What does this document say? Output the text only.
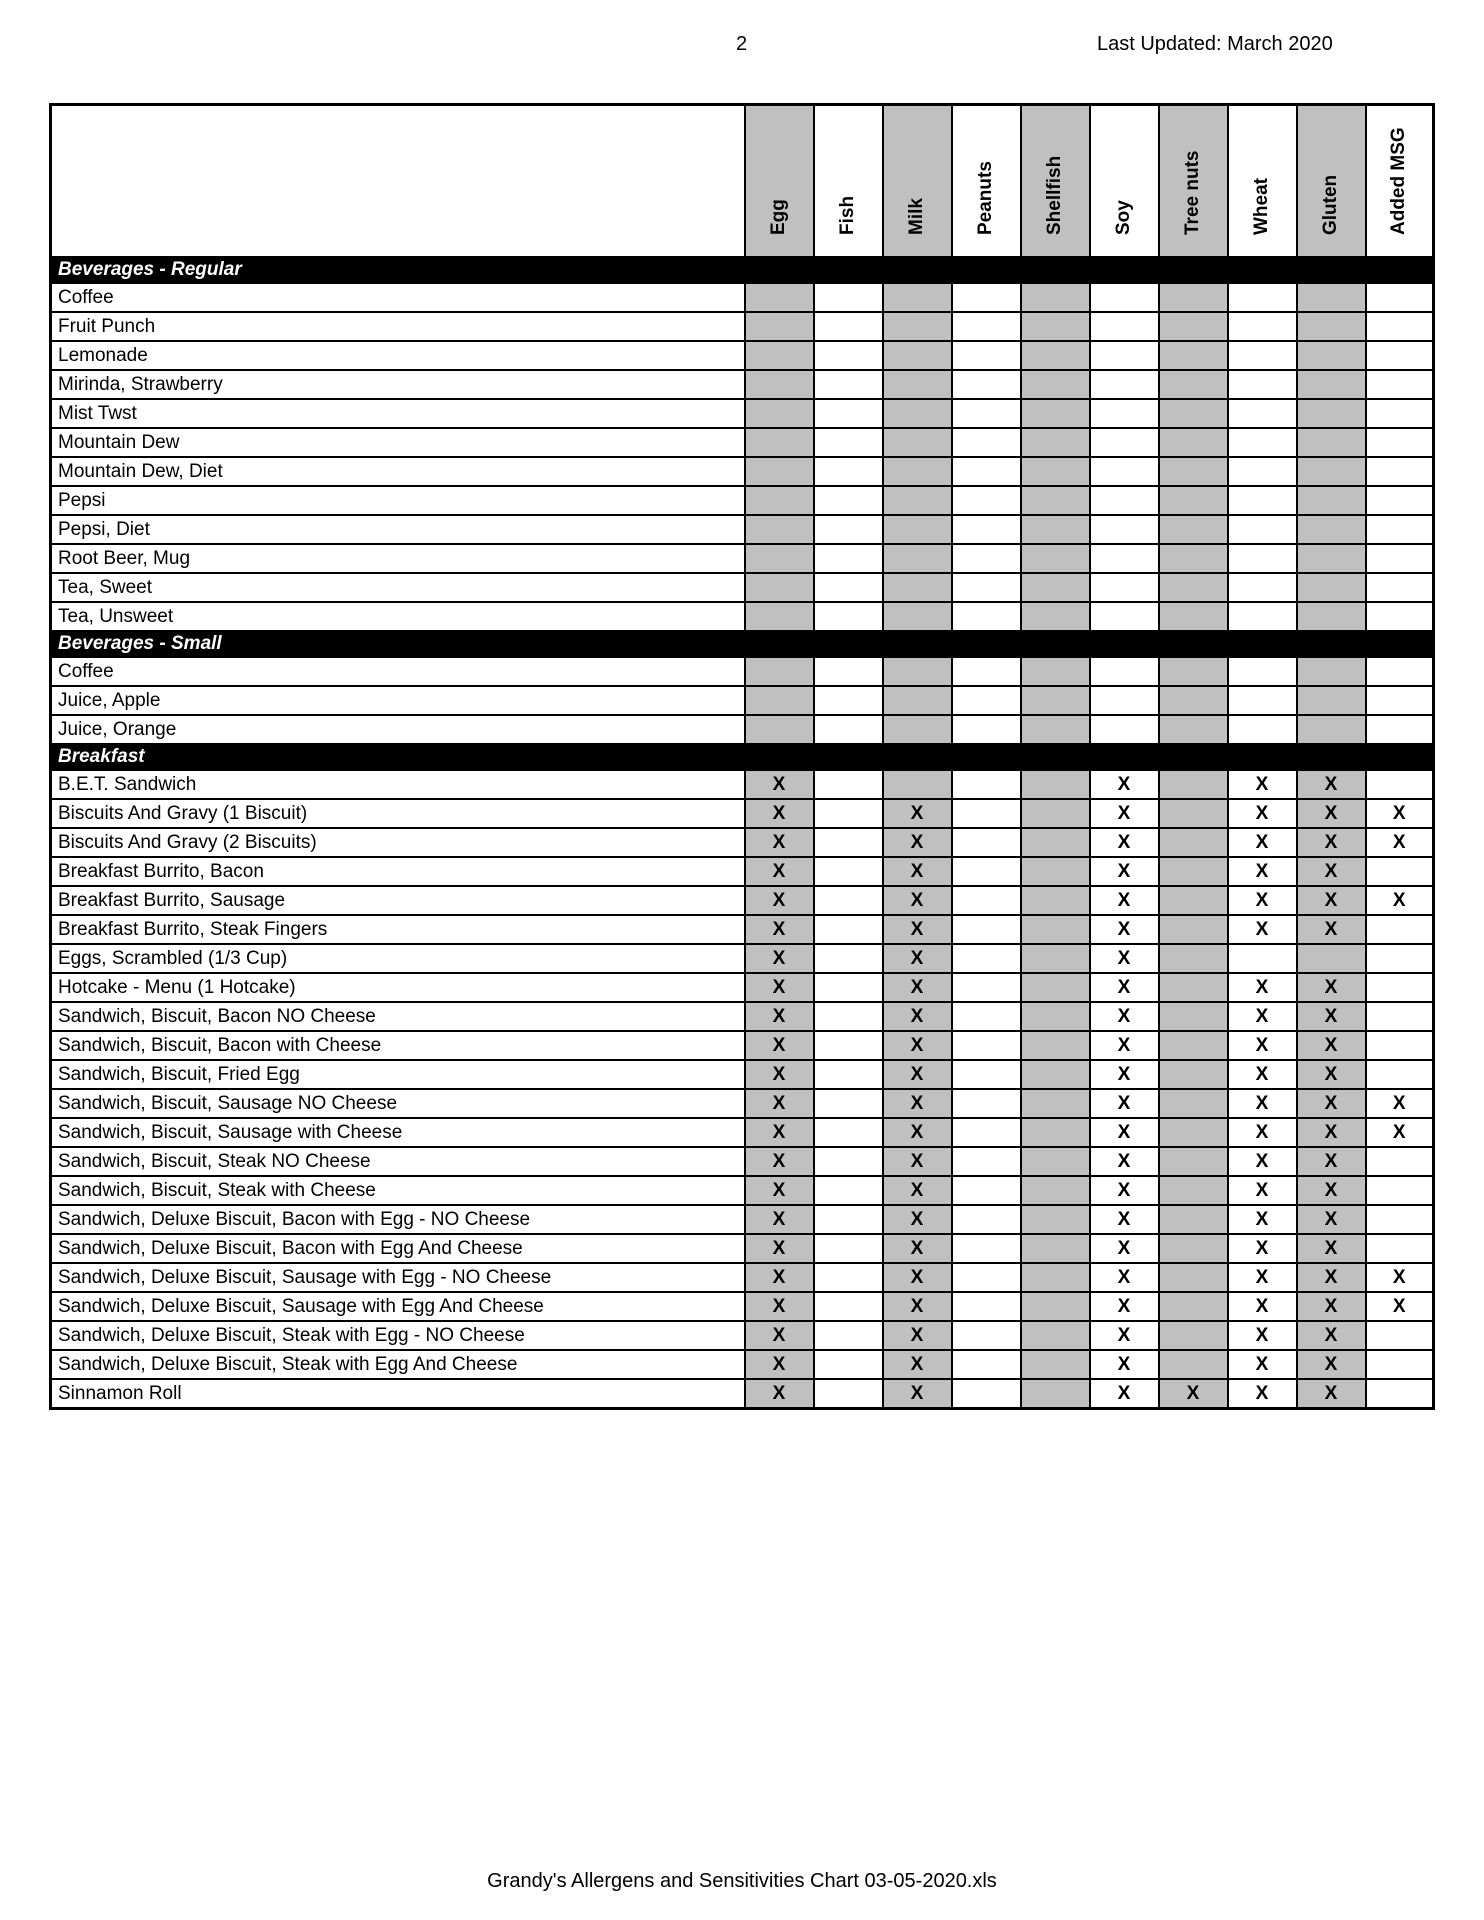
2	Last Updated: March 2020

	Egg	Fish	Milk	Peanuts	Shellfish	Soy	Tree nuts	Wheat	Gluten	Added MSG

Beverages - Regular										
Coffee										
Fruit Punch										
Lemonade										
Mirinda, Strawberry										
Mist Twst										
Mountain Dew										
Mountain Dew, Diet										
Pepsi										
Pepsi, Diet										
Root Beer, Mug										
Tea, Sweet										
Tea, Unsweet										
Beverages - Small										
Coffee										
Juice, Apple										
Juice, Orange										
Breakfast										
B.E.T. Sandwich	X					X		X	X	
Biscuits And Gravy (1 Biscuit)	X		X			X		X	X	X
Biscuits And Gravy (2 Biscuits)	X		X			X		X	X	X
Breakfast Burrito, Bacon	X		X			X		X	X	
Breakfast Burrito, Sausage	X		X			X		X	X	X
Breakfast Burrito, Steak Fingers	X		X			X		X	X	
Eggs, Scrambled (1/3 Cup)	X		X			X				
Hotcake - Menu (1 Hotcake)	X		X			X		X	X	
Sandwich, Biscuit, Bacon NO Cheese	X		X			X		X	X	
Sandwich, Biscuit, Bacon with Cheese	X		X			X		X	X	
Sandwich, Biscuit, Fried Egg	X		X			X		X	X	
Sandwich, Biscuit, Sausage NO Cheese	X		X			X		X	X	X
Sandwich, Biscuit, Sausage with Cheese	X		X			X		X	X	X
Sandwich, Biscuit, Steak NO Cheese	X		X			X		X	X	
Sandwich, Biscuit, Steak with Cheese	X		X			X		X	X	
Sandwich, Deluxe Biscuit, Bacon with Egg - NO Cheese	X		X			X		X	X	
Sandwich, Deluxe Biscuit, Bacon with Egg And Cheese	X		X			X		X	X	
Sandwich, Deluxe Biscuit, Sausage with Egg - NO Cheese	X		X			X		X	X	X
Sandwich, Deluxe Biscuit, Sausage with Egg And Cheese	X		X			X		X	X	X
Sandwich, Deluxe Biscuit, Steak with Egg - NO Cheese	X		X			X		X	X	
Sandwich, Deluxe Biscuit, Steak with Egg And Cheese	X		X			X		X	X	
Sinnamon Roll	X		X			X	X	X	X	
Grandy's Allergens and Sensitivities Chart 03-05-2020.xls
